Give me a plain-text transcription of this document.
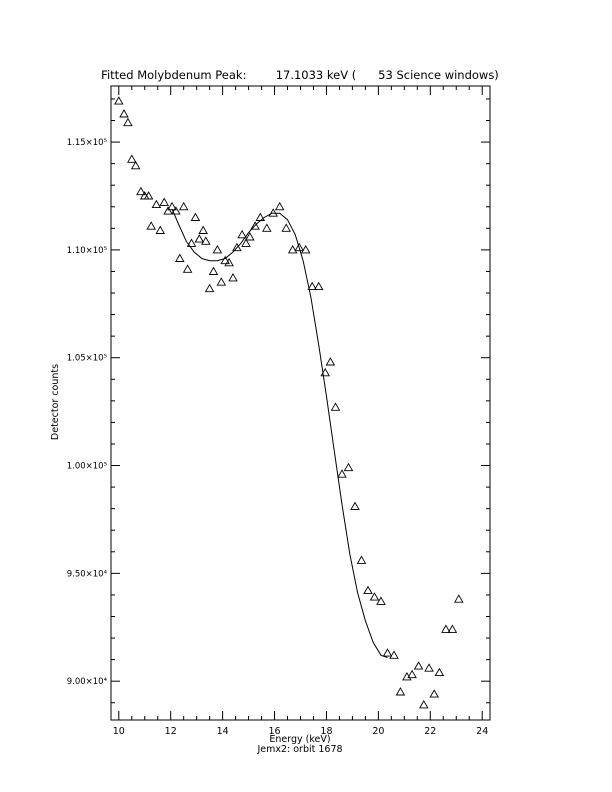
Fitted Molybdenum Peak:        17.1033 keV (      53 Science windows)
10	12	14	16	18	20	22	24
9.00×10⁴
9.50×10⁴
1.00×10⁵
1.05×10⁵
1.10×10⁵
1.15×10⁵
Energy (keV)
Jemx2: orbit 1678
Detector counts
